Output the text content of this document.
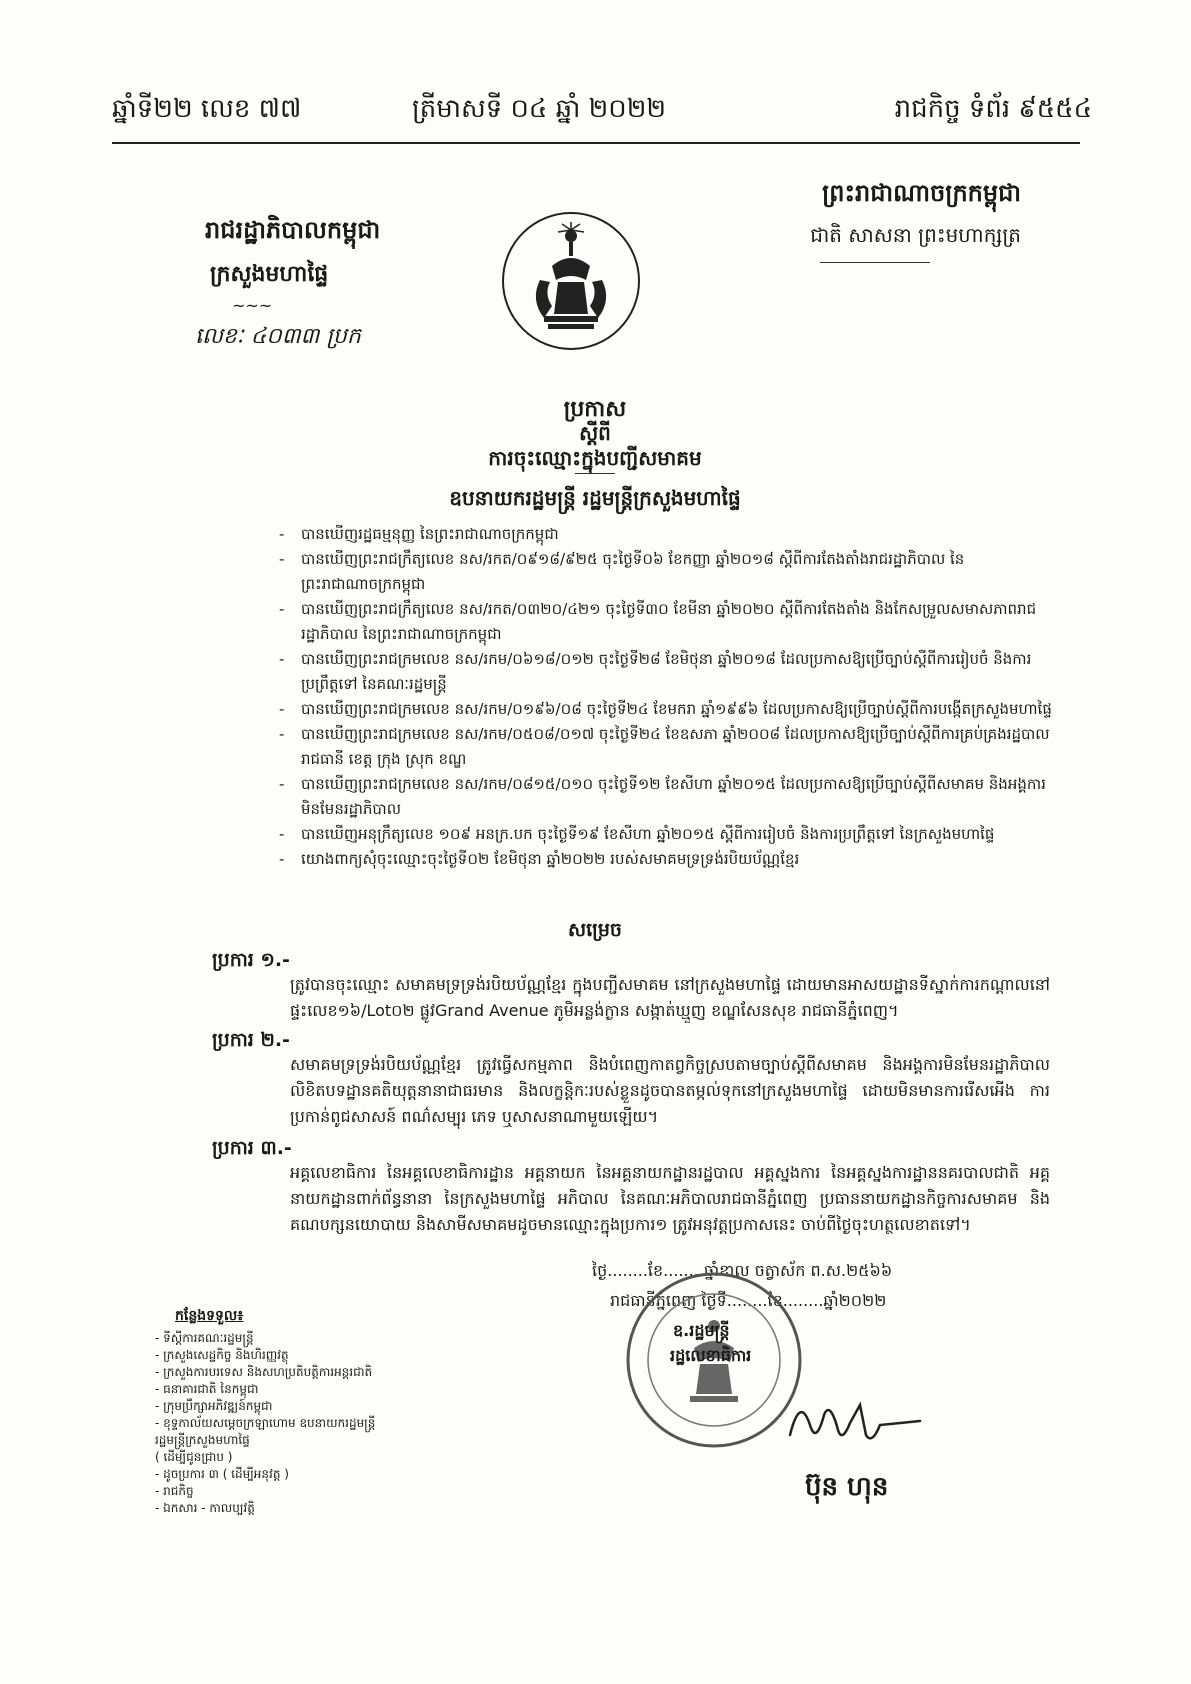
ឆ្នាំទី២២ លេខ ៧៧	ត្រីមាសទី ០៤ ឆ្នាំ ២០២២	រាជកិច្ច ទំព័រ ៩៥៥៤
ព្រះរាជាណាចក្រកម្ពុជា
ជាតិ សាសនា ព្រះមហាក្សត្រ
រាជរដ្ឋាភិបាលកម្ពុជា
ក្រសួងមហាផ្ទៃ
~~~
លេខៈ ៤០៣៣ ប្រក
ប្រកាស
ស្តីពី
ការចុះឈ្មោះក្នុងបញ្ជីសមាគម
ឧបនាយករដ្ឋមន្ត្រី រដ្ឋមន្ត្រីក្រសួងមហាផ្ទៃ
- បានឃើញរដ្ឋធម្មនុញ្ញ នៃព្រះរាជាណាចក្រកម្ពុជា
- បានឃើញព្រះរាជក្រឹត្យលេខ នស/រកត/០៩១៨/៩២៥ ចុះថ្ងៃទី០៦ ខែកញ្ញា ឆ្នាំ២០១៨ ស្តីពីការតែងតាំងរាជរដ្ឋាភិបាល នៃព្រះរាជាណាចក្រកម្ពុជា
- បានឃើញព្រះរាជក្រឹត្យលេខ នស/រកត/០៣២០/៤២១ ចុះថ្ងៃទី៣០ ខែមីនា ឆ្នាំ២០២០ ស្តីពីការតែងតាំង និងកែសម្រួលសមាសភាពរាជរដ្ឋាភិបាល នៃព្រះរាជាណាចក្រកម្ពុជា
- បានឃើញព្រះរាជក្រមលេខ នស/រកម/០៦១៨/០១២ ចុះថ្ងៃទី២៨ ខែមិថុនា ឆ្នាំ២០១៨ ដែលប្រកាសឱ្យប្រើច្បាប់ស្តីពីការរៀបចំ និងការប្រព្រឹត្តទៅ នៃគណៈរដ្ឋមន្ត្រី
- បានឃើញព្រះរាជក្រមលេខ នស/រកម/០១៩៦/០៨ ចុះថ្ងៃទី២៤ ខែមករា ឆ្នាំ១៩៩៦ ដែលប្រកាសឱ្យប្រើច្បាប់ស្តីពីការបង្កើតក្រសួងមហាផ្ទៃ
- បានឃើញព្រះរាជក្រមលេខ នស/រកម/០៥០៨/០១៧ ចុះថ្ងៃទី២៤ ខែឧសភា ឆ្នាំ២០០៨ ដែលប្រកាសឱ្យប្រើច្បាប់ស្តីពីការគ្រប់គ្រងរដ្ឋបាលរាជធានី ខេត្ត ក្រុង ស្រុក ខណ្ឌ
- បានឃើញព្រះរាជក្រមលេខ នស/រកម/០៨១៥/០១០ ចុះថ្ងៃទី១២ ខែសីហា ឆ្នាំ២០១៥ ដែលប្រកាសឱ្យប្រើច្បាប់ស្តីពីសមាគម និងអង្គការមិនមែនរដ្ឋាភិបាល
- បានឃើញអនុក្រឹត្យលេខ ១០៩ អនក្រ.បក ចុះថ្ងៃទី១៩ ខែសីហា ឆ្នាំ២០១៥ ស្តីពីការរៀបចំ និងការប្រព្រឹត្តទៅ នៃក្រសួងមហាផ្ទៃ
- យោងពាក្យសុំចុះឈ្មោះចុះថ្ងៃទី០២ ខែមិថុនា ឆ្នាំ២០២២ របស់សមាគមទ្រទ្រង់របិយប័ណ្ណខ្មែរ
សម្រេច
ប្រការ ១.-
ត្រូវបានចុះឈ្មោះ សមាគមទ្រទ្រង់របិយប័ណ្ណខ្មែរ ក្នុងបញ្ជីសមាគម នៅក្រសួងមហាផ្ទៃ ដោយមានអាសយដ្ឋានទីស្នាក់ការកណ្តាលនៅផ្ទះលេខ១៦/Lot០២ ផ្លូវGrand Avenue ភូមិអន្លង់ក្ងាន សង្កាត់ឃ្មួញ ខណ្ឌសែនសុខ រាជធានីភ្នំពេញ។
ប្រការ ២.-
សមាគមទ្រទ្រង់របិយប័ណ្ណខ្មែរ ត្រូវធ្វើសកម្មភាព និងបំពេញកាតព្វកិច្ចស្របតាមច្បាប់ស្តីពីសមាគម និងអង្គការមិនមែនរដ្ឋាភិបាល លិខិតបទដ្ឋានគតិយុត្តនានាជាធរមាន និងលក្ខន្តិកៈរបស់ខ្លួនដូចបានតម្កល់ទុកនៅក្រសួងមហាផ្ទៃ ដោយមិនមានការរើសអើង ការប្រកាន់ពូជសាសន៍ ពណ៌សម្បុរ ភេទ ឬសាសនាណាមួយឡើយ។
ប្រការ ៣.-
អគ្គលេខាធិការ នៃអគ្គលេខាធិការដ្ឋាន អគ្គនាយក នៃអគ្គនាយកដ្ឋានរដ្ឋបាល អគ្គស្នងការ នៃអគ្គស្នងការដ្ឋាននគរបាលជាតិ អគ្គនាយកដ្ឋានពាក់ព័ន្ធនានា នៃក្រសួងមហាផ្ទៃ អភិបាល នៃគណៈអភិបាលរាជធានីភ្នំពេញ ប្រធាននាយកដ្ឋានកិច្ចការសមាគម និងគណបក្សនយោបាយ និងសាមីសមាគមដូចមានឈ្មោះក្នុងប្រការ១ ត្រូវអនុវត្តប្រកាសនេះ ចាប់ពីថ្ងៃចុះហត្ថលេខាតទៅ។
ថ្ងៃ........ខែ........ឆ្នាំខាល ចត្វាស័ក ព.ស.២៥៦៦
រាជធានីភ្នំពេញ ថ្ងៃទី........ខែ........ឆ្នាំ២០២២
ឧ.រដ្ឋមន្ត្រី
រដ្ឋលេខាធិការ
ប៊ុន ហុន
កន្លែងទទួល៖
- ទីស្តីការគណៈរដ្ឋមន្ត្រី
- ក្រសួងសេដ្ឋកិច្ច និងហិរញ្ញវត្ថុ
- ក្រសួងការបរទេស និងសហប្រតិបត្តិការអន្តរជាតិ
- ធនាគារជាតិ នៃកម្ពុជា
- ក្រុមប្រឹក្សាអភិវឌ្ឍន៍កម្ពុជា
- ខុទ្ទកាល័យសម្តេចក្រឡាហោម ឧបនាយករដ្ឋមន្ត្រី
រដ្ឋមន្ត្រីក្រសួងមហាផ្ទៃ
( ដើម្បីជូនជ្រាប )
- ដូចប្រការ ៣ ( ដើម្បីអនុវត្ត )
- រាជកិច្ច
- ឯកសារ - កាលប្បវត្តិ
